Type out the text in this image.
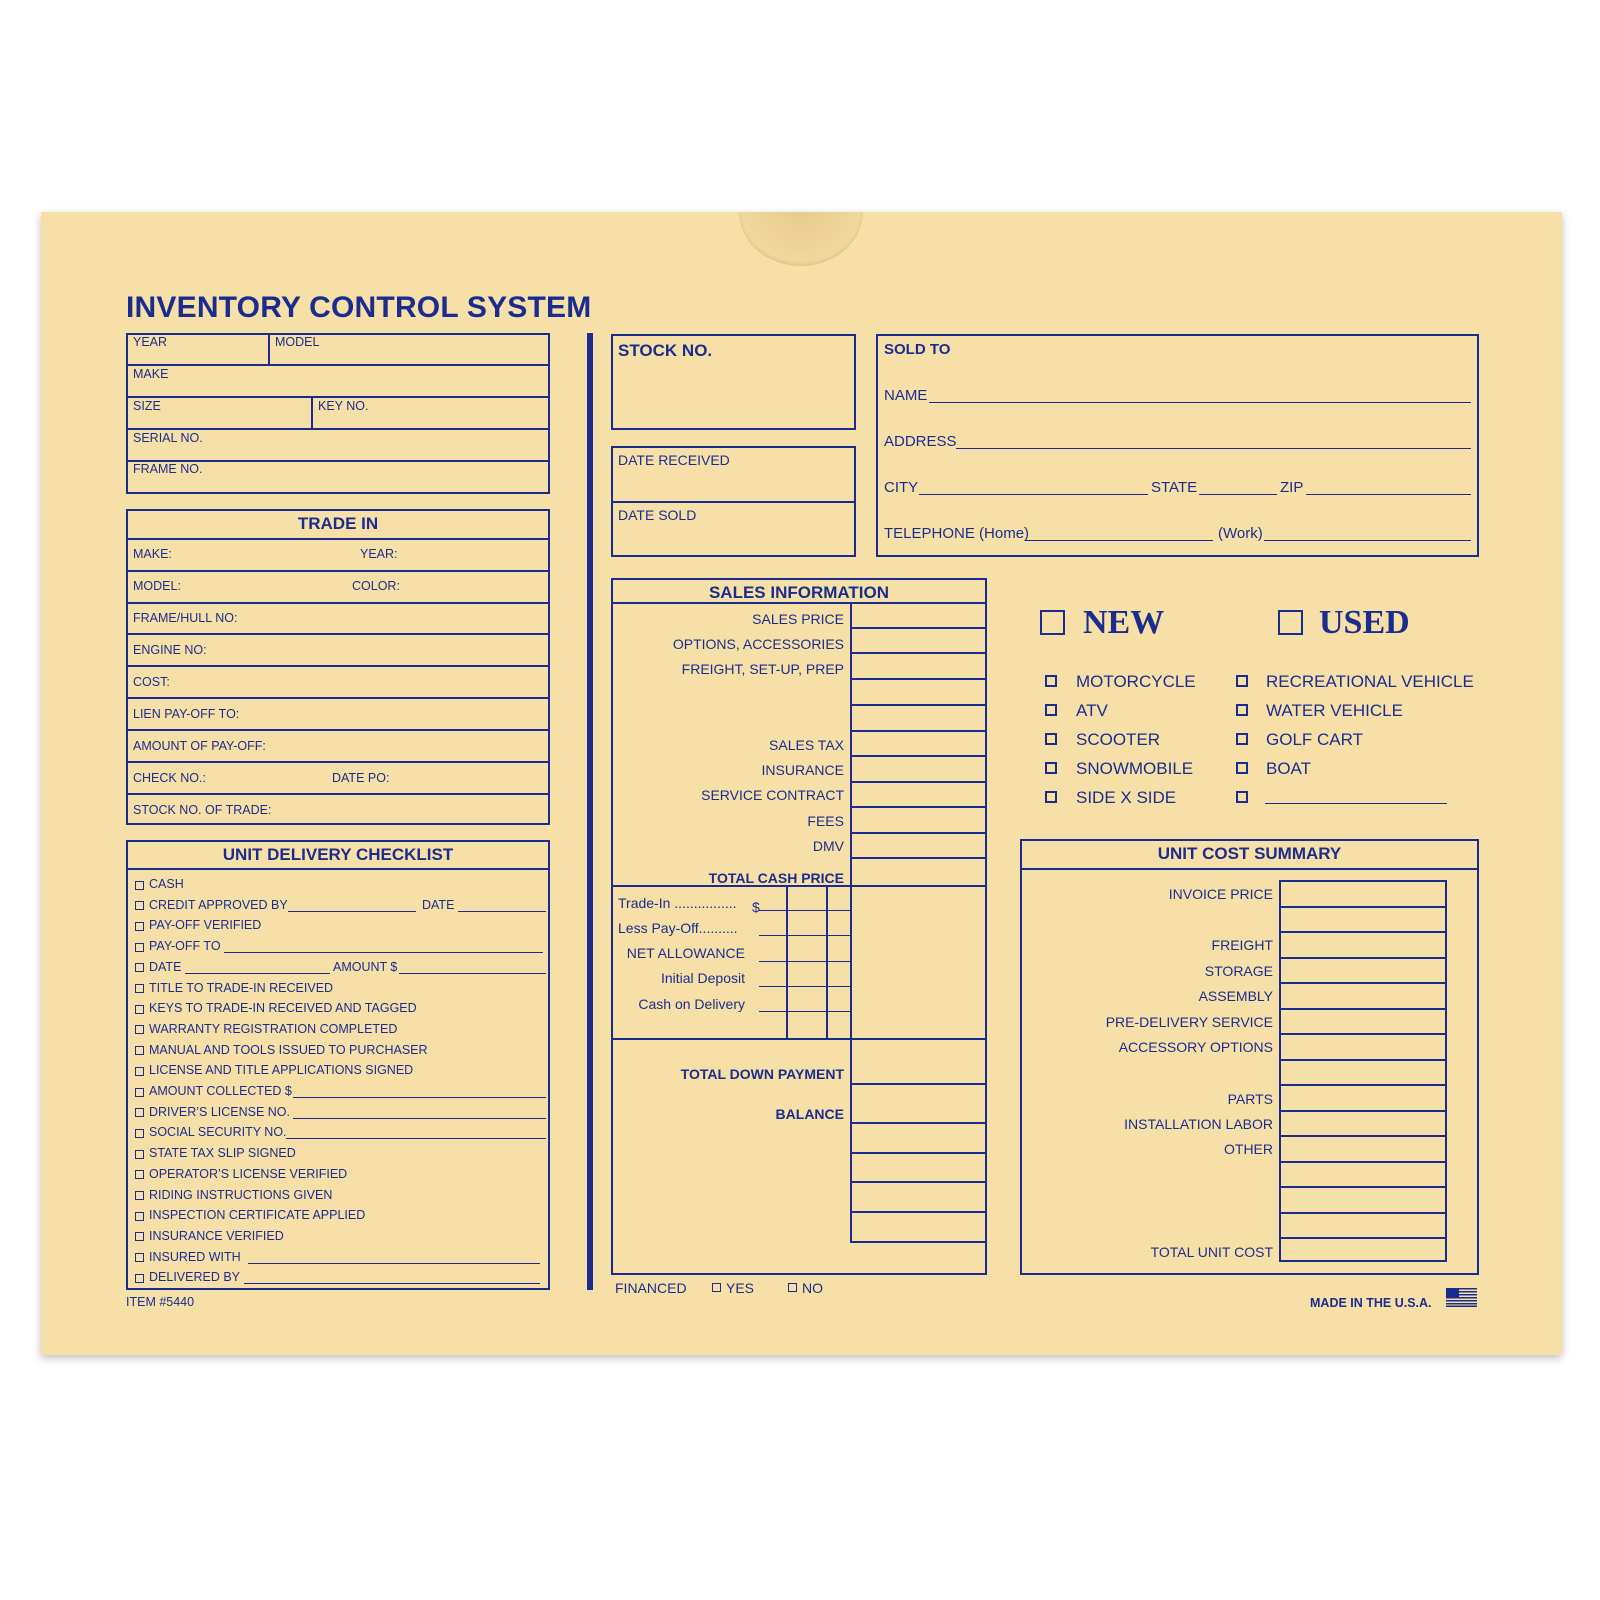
INVENTORY CONTROL SYSTEM
YEAR	MODEL
MAKE
SIZE	KEY NO.
SERIAL NO.
FRAME NO.
TRADE IN
MAKE:	YEAR:
MODEL:	COLOR:
FRAME/HULL NO:
ENGINE NO:
COST:
LIEN PAY-OFF TO:
AMOUNT OF PAY-OFF:
CHECK NO.:	DATE PO:
STOCK NO. OF TRADE:
UNIT DELIVERY CHECKLIST
ITEM #5440
STOCK NO.
DATE RECEIVED
DATE SOLD
SOLD TO
NAME
ADDRESS
CITY	STATE	ZIP
TELEPHONE (Home)	(Work)
SALES INFORMATION
SALES PRICE
OPTIONS, ACCESSORIES
FREIGHT, SET-UP, PREP
SALES TAX
INSURANCE
SERVICE CONTRACT
FEES
DMV
TOTAL CASH PRICE
Trade-In ................ $
Less Pay-Off..........
NET ALLOWANCE
Initial Deposit
Cash on Delivery
TOTAL DOWN PAYMENT
BALANCE
FINANCED	YES	NO
NEW	USED
UNIT COST SUMMARY
INVOICE PRICE
FREIGHT
STORAGE
ASSEMBLY
PRE-DELIVERY SERVICE
ACCESSORY OPTIONS
PARTS
INSTALLATION LABOR
OTHER
TOTAL UNIT COST
MADE IN THE U.S.A.
CASH
CREDIT APPROVED BY
PAY-OFF VERIFIED
PAY-OFF TO
DATE
TITLE TO TRADE-IN RECEIVED
KEYS TO TRADE-IN RECEIVED AND TAGGED
WARRANTY REGISTRATION COMPLETED
MANUAL AND TOOLS ISSUED TO PURCHASER
LICENSE AND TITLE APPLICATIONS SIGNED
AMOUNT COLLECTED $
DRIVER’S LICENSE NO.
SOCIAL SECURITY NO.
STATE TAX SLIP SIGNED
OPERATOR’S LICENSE VERIFIED
RIDING INSTRUCTIONS GIVEN
INSPECTION CERTIFICATE APPLIED
INSURANCE VERIFIED
INSURED WITH
DELIVERED BY
DATE
AMOUNT $
MOTORCYCLE
ATV
SCOOTER
SNOWMOBILE
SIDE X SIDE
RECREATIONAL VEHICLE
WATER VEHICLE
GOLF CART
BOAT
